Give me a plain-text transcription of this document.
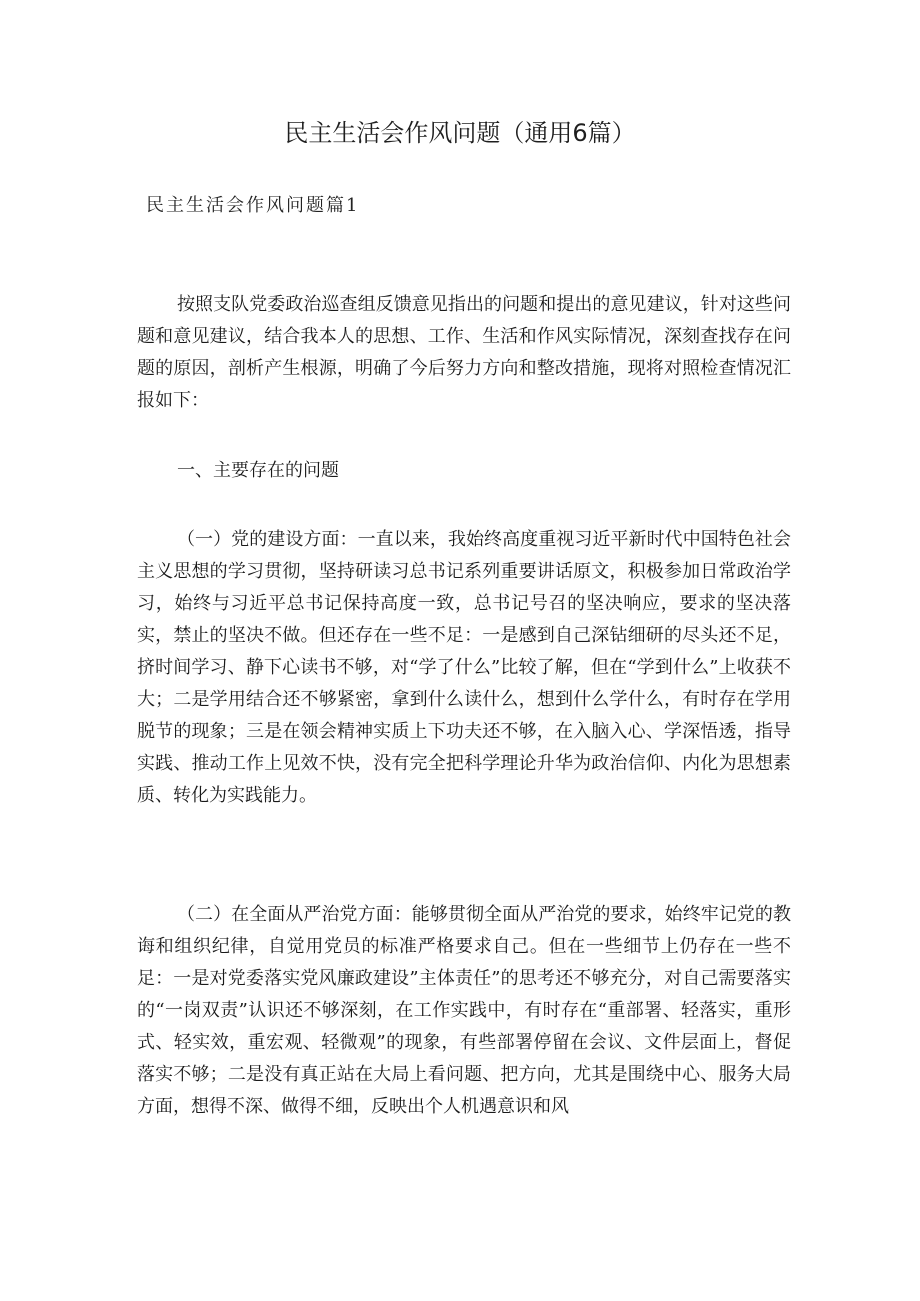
民主生活会作风问题（通用6篇）
民主生活会作风问题篇1

按照支队党委政治巡查组反馈意见指出的问题和提出的意见建议，针对这些问题和意见建议，结合我本人的思想、工作、生活和作风实际情况，深刻查找存在问题的原因，剖析产生根源，明确了今后努力方向和整改措施，现将对照检查情况汇报如下：

一、主要存在的问题

（一）党的建设方面：一直以来，我始终高度重视习近平新时代中国特色社会主义思想的学习贯彻，坚持研读习总书记系列重要讲话原文，积极参加日常政治学习，始终与习近平总书记保持高度一致，总书记号召的坚决响应，要求的坚决落实，禁止的坚决不做。但还存在一些不足：一是感到自己深钻细研的尽头还不足，挤时间学习、静下心读书不够，对“学了什么”比较了解，但在“学到什么”上收获不大；二是学用结合还不够紧密，拿到什么读什么，想到什么学什么，有时存在学用脱节的现象；三是在领会精神实质上下功夫还不够，在入脑入心、学深悟透，指导实践、推动工作上见效不快，没有完全把科学理论升华为政治信仰、内化为思想素质、转化为实践能力。

（二）在全面从严治党方面：能够贯彻全面从严治党的要求，始终牢记党的教诲和组织纪律，自觉用党员的标准严格要求自己。但在一些细节上仍存在一些不足：一是对党委落实党风廉政建设”主体责任”的思考还不够充分，对自己需要落实的“一岗双责”认识还不够深刻，在工作实践中，有时存在“重部署、轻落实，重形式、轻实效，重宏观、轻微观”的现象，有些部署停留在会议、文件层面上，督促落实不够；二是没有真正站在大局上看问题、把方向，尤其是围绕中心、服务大局方面，想得不深、做得不细，反映出个人机遇意识和风
